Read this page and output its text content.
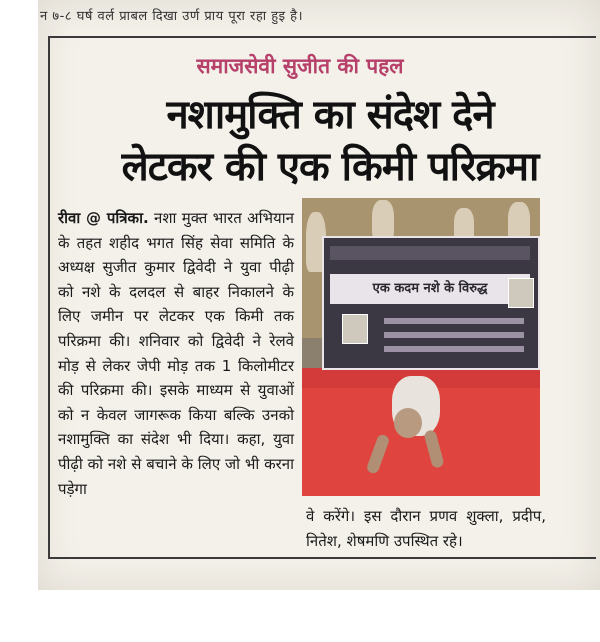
न ७-८ घर्ष वर्ल प्राबल दिखा उर्ण प्राय पूरा रहा हुइ है।
समाजसेवी सुजीत की पहल
नशामुक्ति का संदेश देने
लेटकर की एक किमी परिक्रमा
रीवा @ पत्रिका. नशा मुक्त भारत अभियान के तहत शहीद भगत सिंह सेवा समिति के अध्यक्ष सुजीत कुमार द्विवेदी ने युवा पीढ़ी को नशे के दलदल से बाहर निकालने के लिए जमीन पर लेटकर एक किमी तक परिक्रमा की। शनिवार को द्विवेदी ने रेलवे मोड़ से लेकर जेपी मोड़ तक 1 किलोमीटर की परिक्रमा की। इसके माध्यम से युवाओं को न केवल जागरूक किया बल्कि उनको नशामुक्ति का संदेश भी दिया। कहा, युवा पीढ़ी को नशे से बचाने के लिए जो भी करना पड़ेगा
एक कदम नशे के विरुद्ध
वे करेंगे। इस दौरान प्रणव शुक्ला, प्रदीप, नितेश, शेषमणि उपस्थित रहे।
